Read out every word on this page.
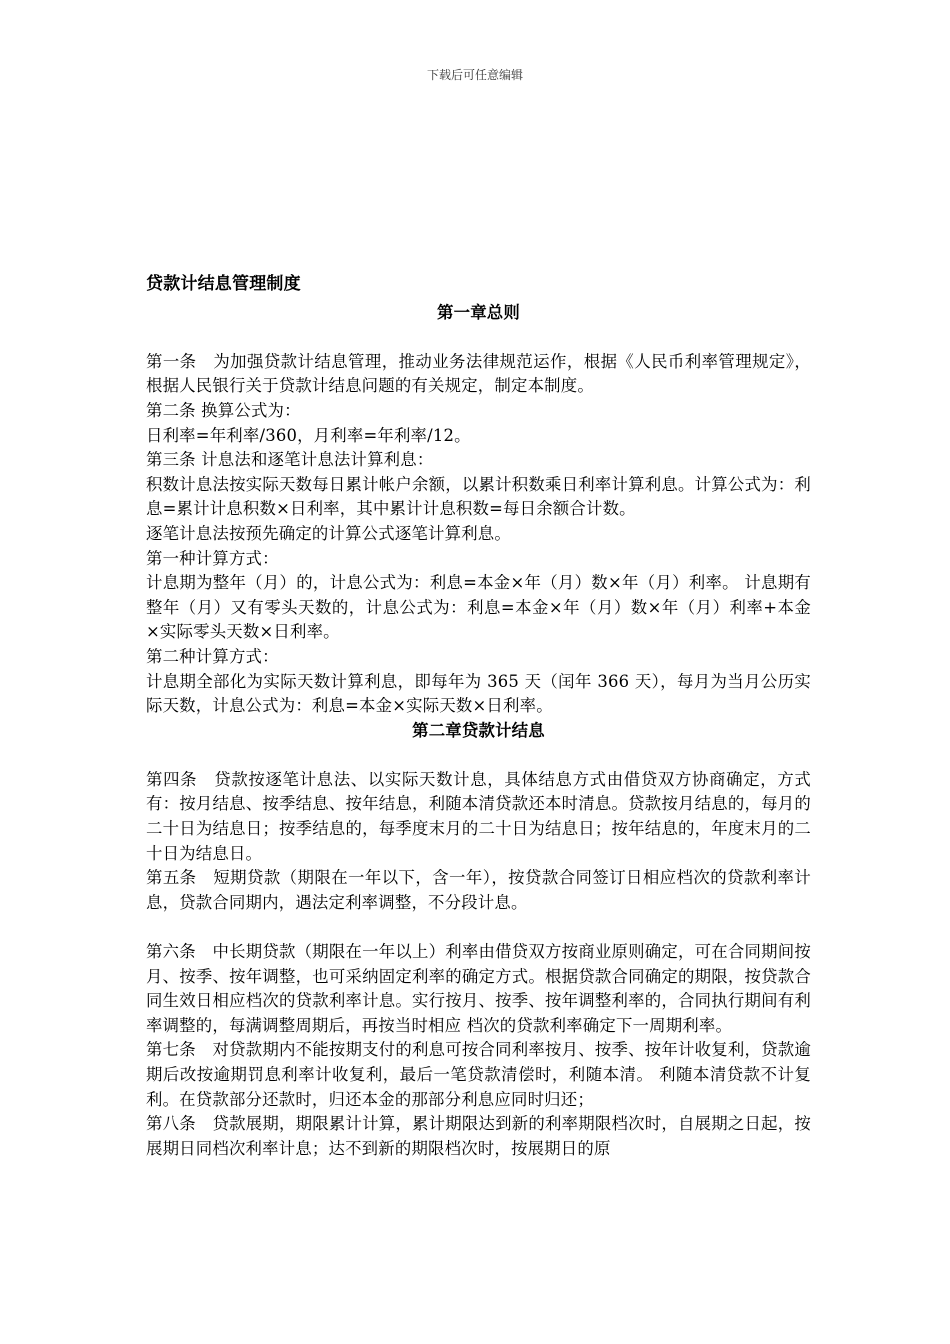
下载后可任意编辑
贷款计结息管理制度
第一章总则

第一条　为加强贷款计结息管理，推动业务法律规范运作，根据《人民币利率管理规定》，根据人民银行关于贷款计结息问题的有关规定，制定本制度。

第二条 换算公式为：

日利率=年利率/360，月利率=年利率/12。

第三条 计息法和逐笔计息法计算利息：

积数计息法按实际天数每日累计帐户余额，以累计积数乘日利率计算利息。计算公式为：利息=累计计息积数×日利率，其中累计计息积数=每日余额合计数。

逐笔计息法按预先确定的计算公式逐笔计算利息。

第一种计算方式：

计息期为整年（月）的，计息公式为：利息=本金×年（月）数×年（月）利率。 计息期有整年（月）又有零头天数的，计息公式为：利息=本金×年（月）数×年（月）利率+本金×实际零头天数×日利率。

第二种计算方式：

计息期全部化为实际天数计算利息，即每年为 365 天（闰年 366 天），每月为当月公历实际天数，计息公式为：利息=本金×实际天数×日利率。

第二章贷款计结息

第四条　贷款按逐笔计息法、以实际天数计息，具体结息方式由借贷双方协商确定，方式有：按月结息、按季结息、按年结息，利随本清贷款还本时清息。贷款按月结息的，每月的二十日为结息日；按季结息的，每季度末月的二十日为结息日；按年结息的，年度末月的二十日为结息日。

第五条　短期贷款（期限在一年以下，含一年），按贷款合同签订日相应档次的贷款利率计息，贷款合同期内，遇法定利率调整，不分段计息。

第六条　中长期贷款（期限在一年以上）利率由借贷双方按商业原则确定，可在合同期间按月、按季、按年调整，也可采纳固定利率的确定方式。根据贷款合同确定的期限，按贷款合同生效日相应档次的贷款利率计息。实行按月、按季、按年调整利率的，合同执行期间有利率调整的，每满调整周期后，再按当时相应 档次的贷款利率确定下一周期利率。

第七条　对贷款期内不能按期支付的利息可按合同利率按月、按季、按年计收复利，贷款逾期后改按逾期罚息利率计收复利，最后一笔贷款清偿时，利随本清。 利随本清贷款不计复利。在贷款部分还款时，归还本金的那部分利息应同时归还；

第八条　贷款展期，期限累计计算，累计期限达到新的利率期限档次时，自展期之日起，按展期日同档次利率计息；达不到新的期限档次时，按展期日的原
